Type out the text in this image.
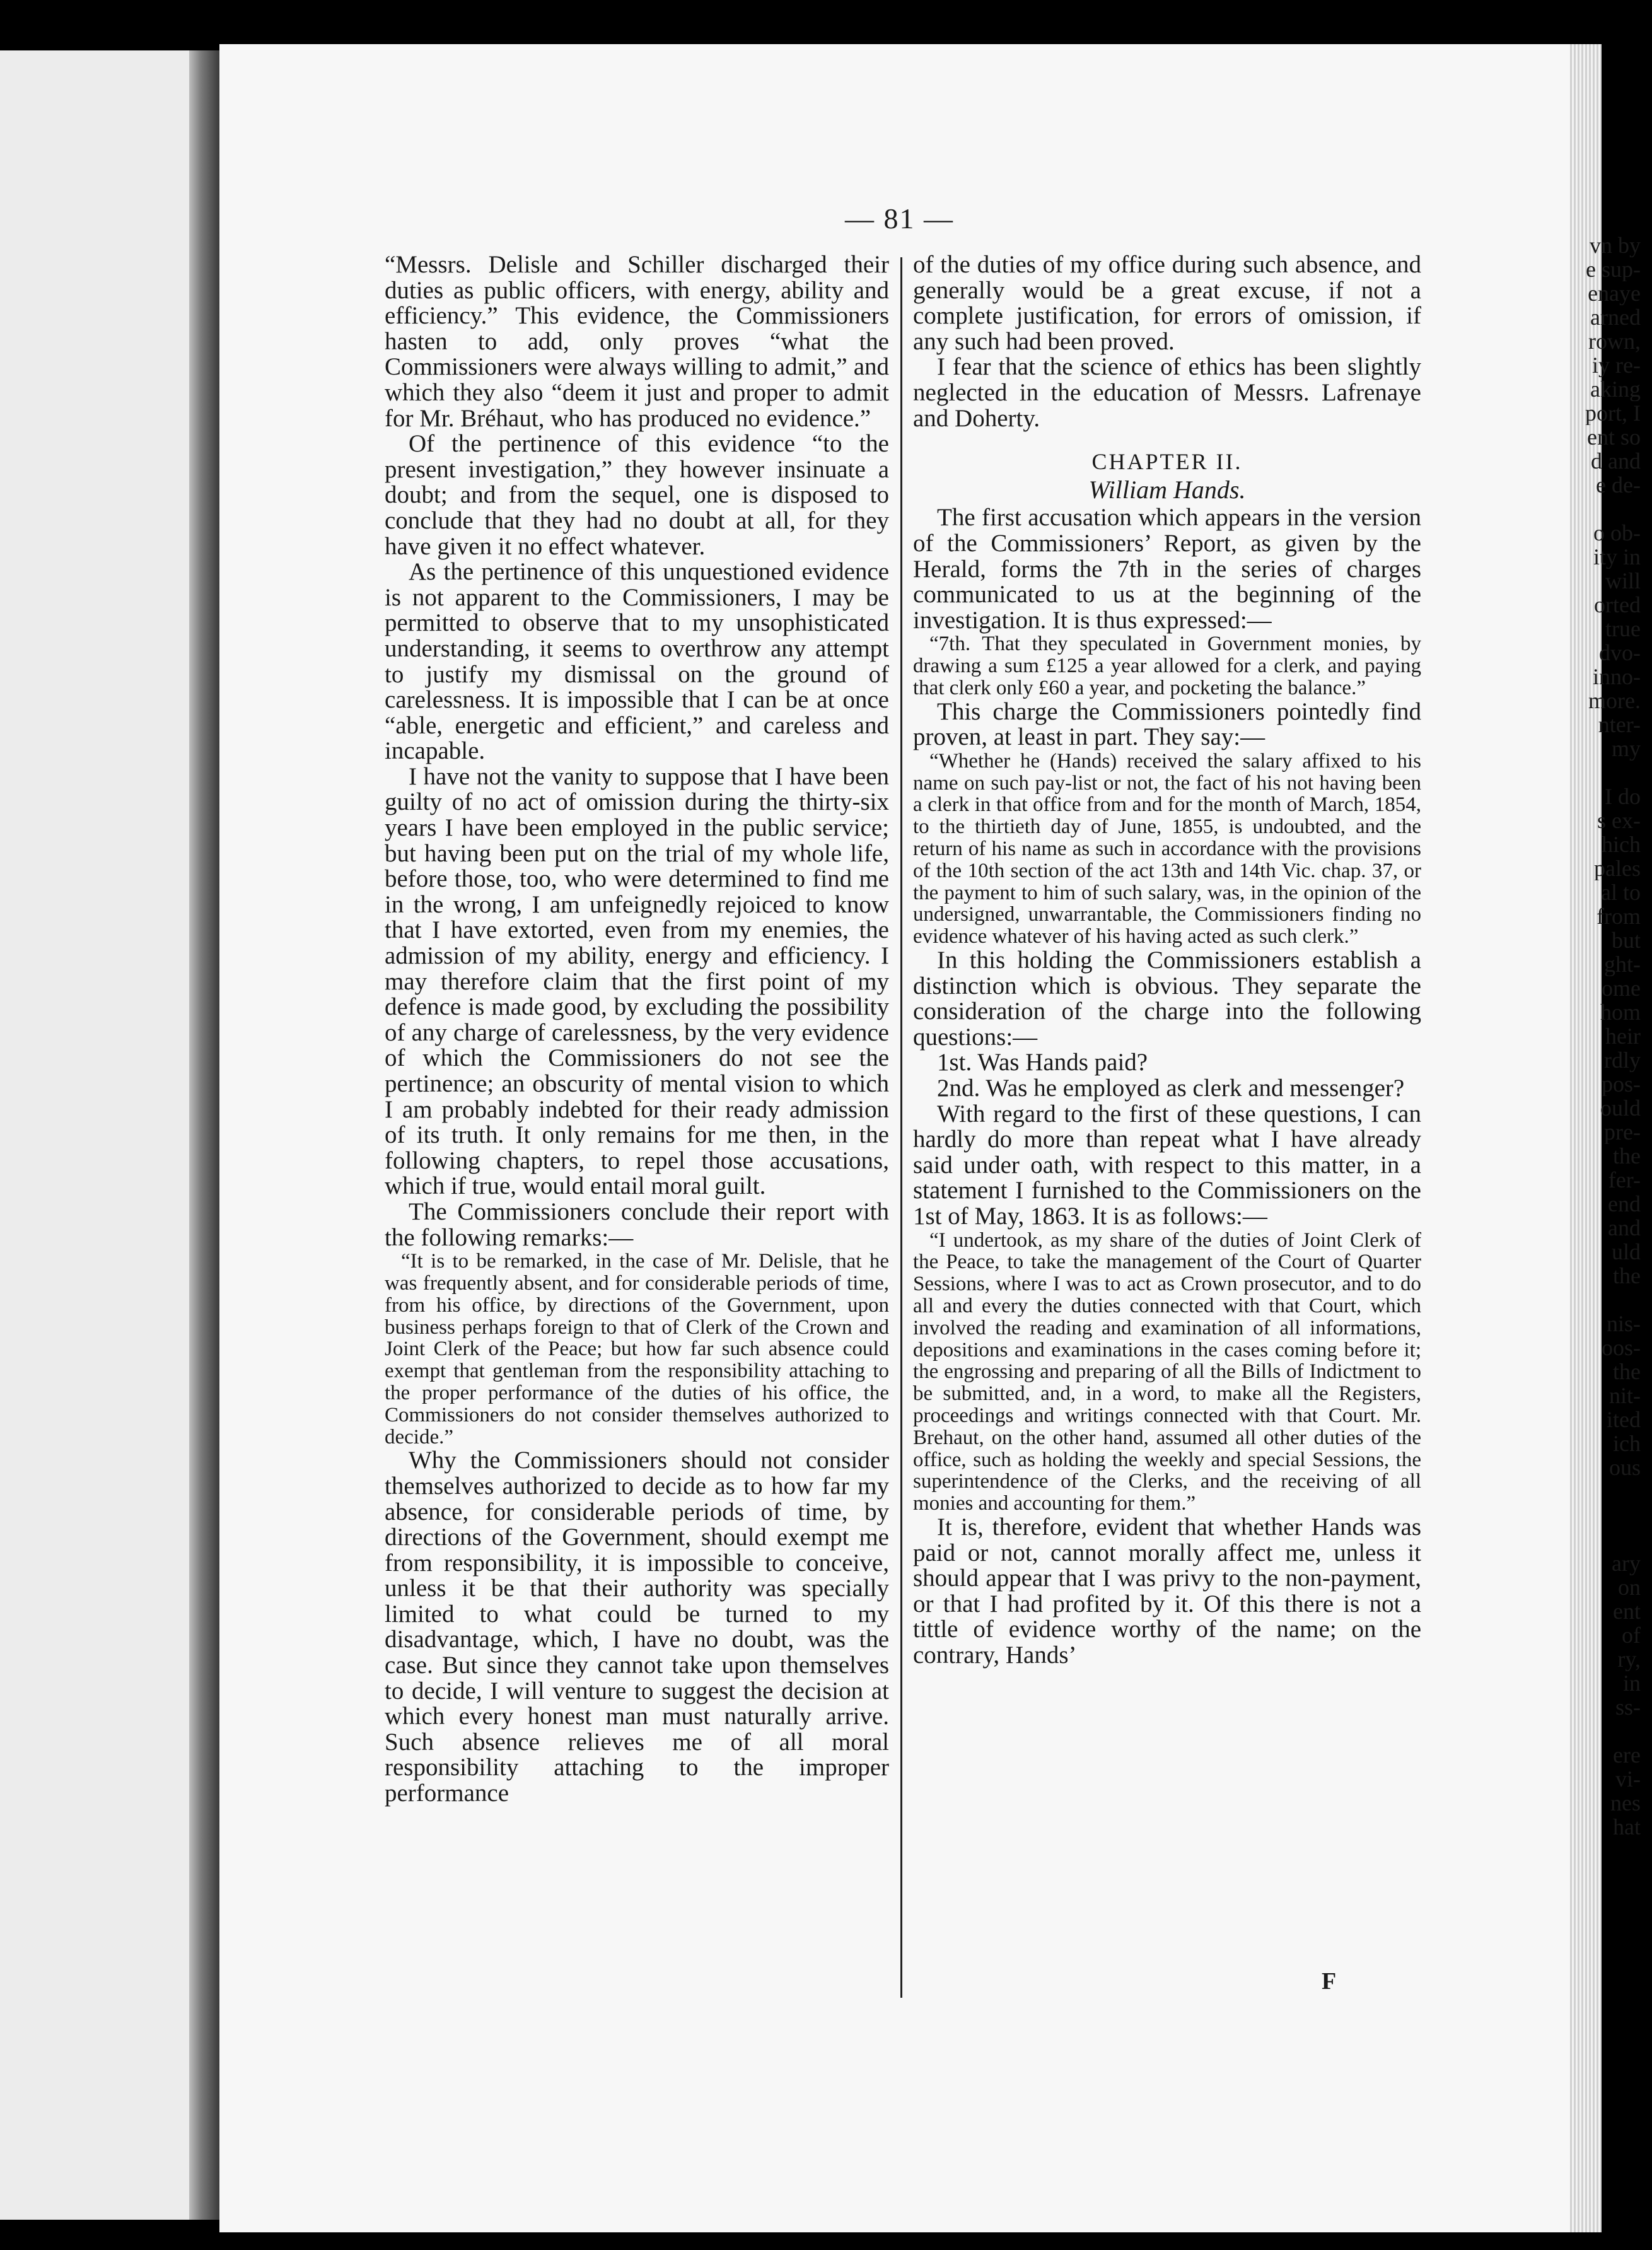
vn by
e sup-
enaye
arned
rown,
iy re-
aking
port, I
ent so
d and
e de-
o ob-
ity in
will
orted
true
dvo-
inno-
more.
nter-
my
I do
s ex-
hich
pales
al to
from
but
ght-
ome
hom
heir
rdly
pos-
ould
pre-
the
fer-
end
and
uld
the
nis-
oos-
the
nit-
ited
ich
ous
ary
on
ent
of
ry,
in
ss-
ere
vi-
nes
hat
— 81 —

“Messrs. Delisle and Schiller discharged their duties as public officers, with energy, ability and efficiency.” This evidence, the Commissioners hasten to add, only proves “what the Commissioners were always willing to admit,” and which they also “deem it just and proper to admit for Mr. Bréhaut, who has produced no evidence.”

Of the pertinence of this evidence “to the present investigation,” they however insinuate a doubt; and from the sequel, one is disposed to conclude that they had no doubt at all, for they have given it no effect whatever.

As the pertinence of this unquestioned evidence is not apparent to the Commissioners, I may be permitted to observe that to my unsophisticated understanding, it seems to overthrow any attempt to justify my dismissal on the ground of carelessness. It is impossible that I can be at once “able, energetic and efficient,” and careless and incapable.

I have not the vanity to suppose that I have been guilty of no act of omission during the thirty-six years I have been employed in the public service; but having been put on the trial of my whole life, before those, too, who were determined to find me in the wrong, I am unfeignedly rejoiced to know that I have extorted, even from my enemies, the admission of my ability, energy and efficiency. I may therefore claim that the first point of my defence is made good, by excluding the possibility of any charge of carelessness, by the very evidence of which the Commissioners do not see the pertinence; an obscurity of mental vision to which I am probably indebted for their ready admission of its truth. It only remains for me then, in the following chapters, to repel those accusations, which if true, would entail moral guilt.

The Commissioners conclude their report with the following remarks:—

“It is to be remarked, in the case of Mr. Delisle, that he was frequently absent, and for considerable periods of time, from his office, by directions of the Government, upon business perhaps foreign to that of Clerk of the Crown and Joint Clerk of the Peace; but how far such absence could exempt that gentleman from the responsibility attaching to the proper performance of the duties of his office, the Commissioners do not consider themselves authorized to decide.”

Why the Commissioners should not consider themselves authorized to decide as to how far my absence, for considerable periods of time, by directions of the Government, should exempt me from responsibility, it is impossible to conceive, unless it be that their authority was specially limited to what could be turned to my disadvantage, which, I have no doubt, was the case. But since they cannot take upon themselves to decide, I will venture to suggest the decision at which every honest man must naturally arrive. Such absence relieves me of all moral responsibility attaching to the improper performance

of the duties of my office during such absence, and generally would be a great excuse, if not a complete justification, for errors of omission, if any such had been proved.

I fear that the science of ethics has been slightly neglected in the education of Messrs. Lafrenaye and Doherty.

CHAPTER II.

William Hands.

The first accusation which appears in the version of the Commissioners’ Report, as given by the Herald, forms the 7th in the series of charges communicated to us at the beginning of the investigation. It is thus expressed:—

“7th. That they speculated in Government monies, by drawing a sum £125 a year allowed for a clerk, and paying that clerk only £60 a year, and pocketing the balance.”

This charge the Commissioners pointedly find proven, at least in part. They say:—

“Whether he (Hands) received the salary affixed to his name on such pay-list or not, the fact of his not having been a clerk in that office from and for the month of March, 1854, to the thirtieth day of June, 1855, is undoubted, and the return of his name as such in accordance with the provisions of the 10th section of the act 13th and 14th Vic. chap. 37, or the payment to him of such salary, was, in the opinion of the undersigned, unwarrantable, the Commissioners finding no evidence whatever of his having acted as such clerk.”

In this holding the Commissioners establish a distinction which is obvious. They separate the consideration of the charge into the following questions:—

1st. Was Hands paid?

2nd. Was he employed as clerk and messenger?

With regard to the first of these questions, I can hardly do more than repeat what I have already said under oath, with respect to this matter, in a statement I furnished to the Commissioners on the 1st of May, 1863. It is as follows:—

“I undertook, as my share of the duties of Joint Clerk of the Peace, to take the management of the Court of Quarter Sessions, where I was to act as Crown prosecutor, and to do all and every the duties connected with that Court, which involved the reading and examination of all informations, depositions and examinations in the cases coming before it; the engrossing and preparing of all the Bills of Indictment to be submitted, and, in a word, to make all the Registers, proceedings and writings connected with that Court. Mr. Brehaut, on the other hand, assumed all other duties of the office, such as holding the weekly and special Sessions, the superintendence of the Clerks, and the receiving of all monies and accounting for them.”

It is, therefore, evident that whether Hands was paid or not, cannot morally affect me, unless it should appear that I was privy to the non-payment, or that I had profited by it. Of this there is not a tittle of evidence worthy of the name; on the contrary, Hands’

F
